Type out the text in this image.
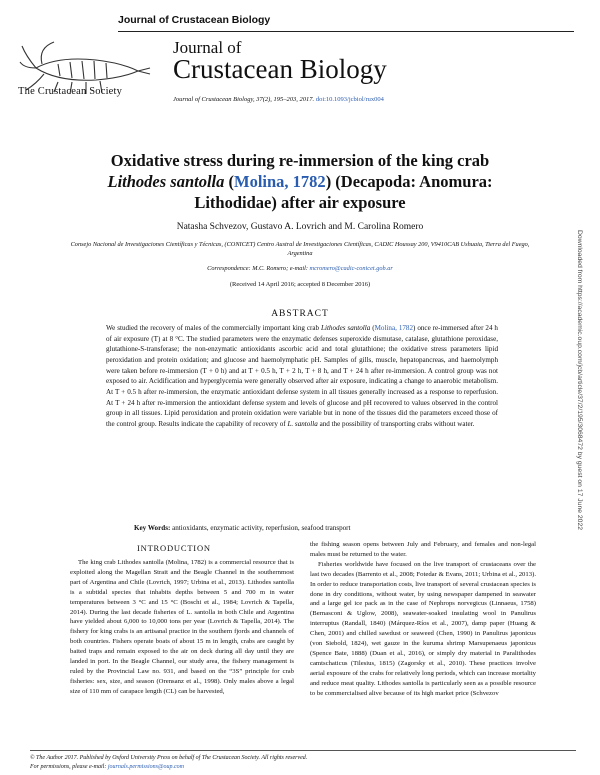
Journal of Crustacean Biology
The Crustacean Society
Journal of
Crustacean Biology
Journal of Crustacean Biology, 37(2), 195–203, 2017. doi:10.1093/jcbiol/rux004
Oxidative stress during re-immersion of the king crab
Lithodes santolla (Molina, 1782) (Decapoda: Anomura:
Lithodidae) after air exposure
Natasha Schvezov, Gustavo A. Lovrich and M. Carolina Romero
Consejo Nacional de Investigaciones Científicas y Técnicas, (CONICET) Centro Austral de Investigaciones Científicas, CADIC Houssay 200, V9410CAB Ushuaia, Tierra del Fuego, Argentina
Correspondence: M.C. Romero; e-mail: mcromero@cadic-conicet.gob.ar
(Received 14 April 2016; accepted 8 December 2016)
ABSTRACT
We studied the recovery of males of the commercially important king crab Lithodes santolla (Molina, 1782) once re-immersed after 24 h of air exposure (T) at 8 °C. The studied parameters were the enzymatic defenses superoxide dismutase, catalase, glutathione peroxidase, glutathione-S-transferase; the non-enzymatic antioxidants ascorbic acid and total glutathione; the oxidative stress parameters lipid peroxidation and protein oxidation; and glucose and haemolymphatic pH. Samples of gills, muscle, hepatopancreas, and haemolymph were taken before re-immersion (T + 0 h) and at T + 0.5 h, T + 2 h, T + 8 h, and T + 24 h after re-immersion. A control group was not exposed to air. Acidification and hyperglycemia were generally observed after air exposure, indicating a change to anaerobic metabolism. At T + 0.5 h after re-immersion, the enzymatic antioxidant defense system in all tissues generally increased as a response to reperfusion. At T + 24 h after re-immersion the antioxidant defense system and levels of glucose and pH recovered to values observed in the control group in all tissues. Lipid peroxidation and protein oxidation were variable but in none of the tissues did the parameters exceed those of the control group. Results indicate the capability of recovery of L. santolla and the possibility of transporting crabs without water.
Key Words: antioxidants, enzymatic activity, reperfusion, seafood transport	Downloaded from https://academic.oup.com/jcb/article/37/2/195/3068472 by guest on 17 June 2022
INTRODUCTION
The king crab Lithodes santolla (Molina, 1782) is a commercial resource that is exploited along the Magellan Strait and the Beagle Channel in the southernmost part of Argentina and Chile (Lovrich, 1997; Urbina et al., 2013). Lithodes santolla is a subtidal species that inhabits depths between 5 and 700 m in water temperatures between 3 °C and 15 °C (Boschi et al., 1984; Lovrich & Tapella, 2014). During the last decade fisheries of L. santolla in both Chile and Argentina have yielded about 6,000 to 10,000 tons per year (Lovrich & Tapella, 2014). The fishery for king crabs is an artisanal practice in the southern fjords and channels of both countries. Fishers operate boats of about 15 m in length, crabs are caught by baited traps and remain exposed to the air on deck during all day until they are landed in port. In the Beagle Channel, our study area, the fishery management is ruled by the Provincial Law no. 931, and based on the “3S” principle for crab fisheries: sex, size, and season (Orensanz et al., 1998). Only males above a legal size of 110 mm of carapace length (CL) can be harvested,
the fishing season opens between July and February, and females and non-legal males must be returned to the water.
Fisheries worldwide have focused on the live transport of crustaceans over the last two decades (Barrento et al., 2008; Fotedar & Evans, 2011; Urbina et al., 2013). In order to reduce transportation costs, live transport of several crustacean species is done in dry conditions, without water, by using newspaper dampened in seawater and a large gel ice pack as in the case of Nephrops norvegicus (Linnaeus, 1758) (Bernasconi & Uglow, 2008), seawater-soaked insulating wool in Panulirus interruptus (Randall, 1840) (Márquez-Ríos et al., 2007), damp paper (Huang & Chen, 2001) and chilled sawdust or seaweed (Chen, 1990) in Panulirus japonicus (von Siebold, 1824), wet gauze in the kuruma shrimp Marsupenaeus japonicus (Spence Bate, 1888) (Duan et al., 2016), or simply dry material in Paralithodes camtschaticus (Tilesius, 1815) (Zagorsky et al., 2010). These practices involve aerial exposure of the crabs for relatively long periods, which can increase mortality and reduce meat quality. Lithodes santolla is particularly seen as a possible resource to be commercialised alive because of its high market price (Schvezov
© The Author 2017. Published by Oxford University Press on behalf of The Crustacean Society. All rights reserved.
For permissions, please e-mail: journals.permissions@oup.com
